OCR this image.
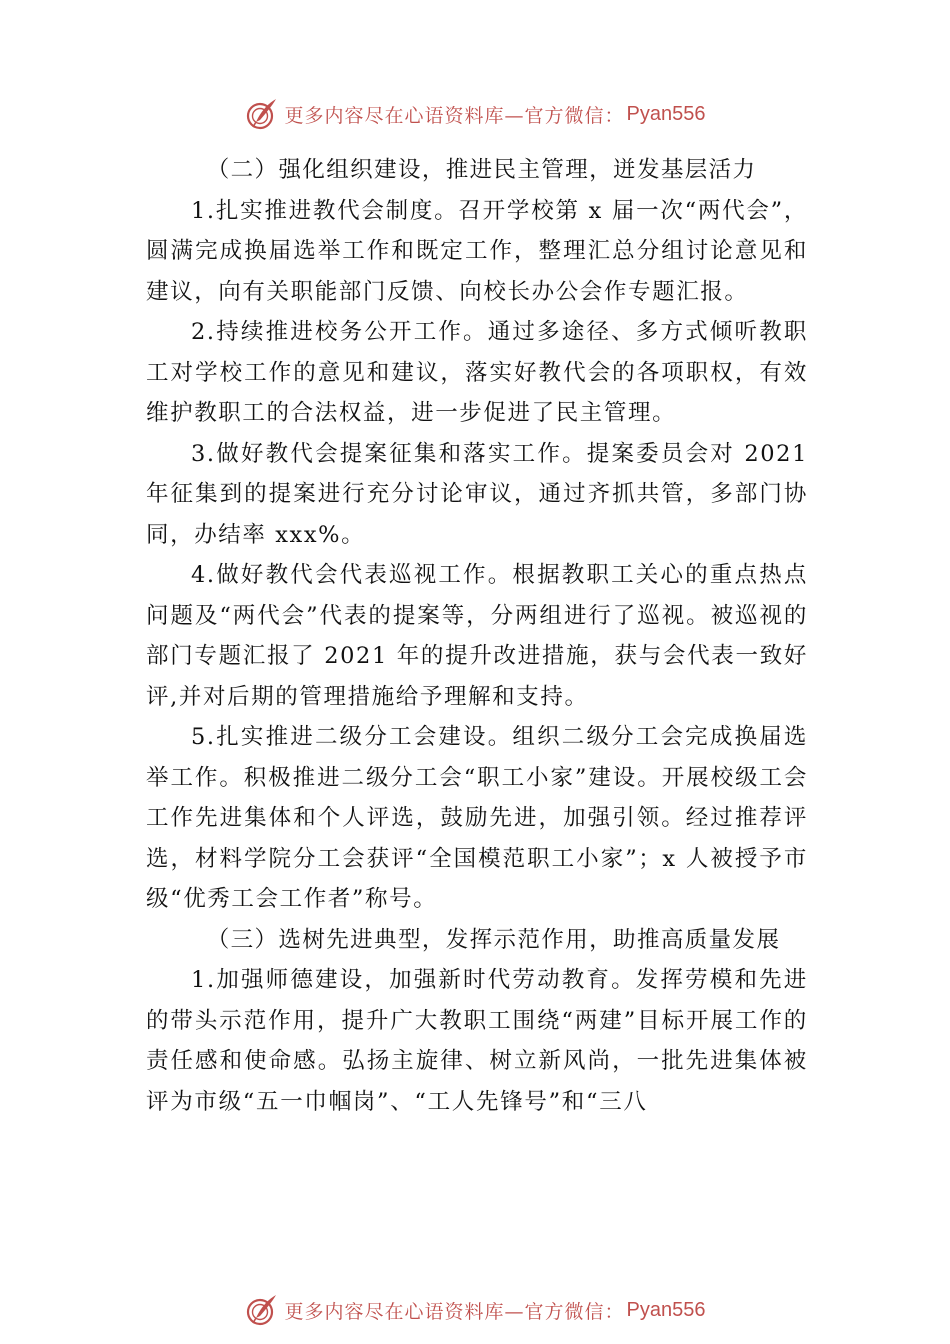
更多内容尽在心语资料库—官方微信： Pyan556

（二）强化组织建设，推进民主管理，迸发基层活力

1.扎实推进教代会制度。召开学校第 x 届一次“两代会”，圆满完成换届选举工作和既定工作，整理汇总分组讨论意见和建议，向有关职能部门反馈、向校长办公会作专题汇报。

2.持续推进校务公开工作。通过多途径、多方式倾听教职工对学校工作的意见和建议，落实好教代会的各项职权，有效维护教职工的合法权益，进一步促进了民主管理。

3.做好教代会提案征集和落实工作。提案委员会对 2021 年征集到的提案进行充分讨论审议，通过齐抓共管，多部门协同，办结率 xxx%。

4.做好教代会代表巡视工作。根据教职工关心的重点热点问题及“两代会”代表的提案等，分两组进行了巡视。被巡视的部门专题汇报了 2021 年的提升改进措施，获与会代表一致好评,并对后期的管理措施给予理解和支持。

5.扎实推进二级分工会建设。组织二级分工会完成换届选举工作。积极推进二级分工会“职工小家”建设。开展校级工会工作先进集体和个人评选，鼓励先进，加强引领。经过推荐评选，材料学院分工会获评“全国模范职工小家”；x 人被授予市级“优秀工会工作者”称号。

（三）选树先进典型，发挥示范作用，助推高质量发展

1.加强师德建设，加强新时代劳动教育。发挥劳模和先进的带头示范作用，提升广大教职工围绕“两建”目标开展工作的责任感和使命感。弘扬主旋律、树立新风尚，一批先进集体被评为市级“五一巾帼岗”、“工人先锋号”和“三八

更多内容尽在心语资料库—官方微信： Pyan556
